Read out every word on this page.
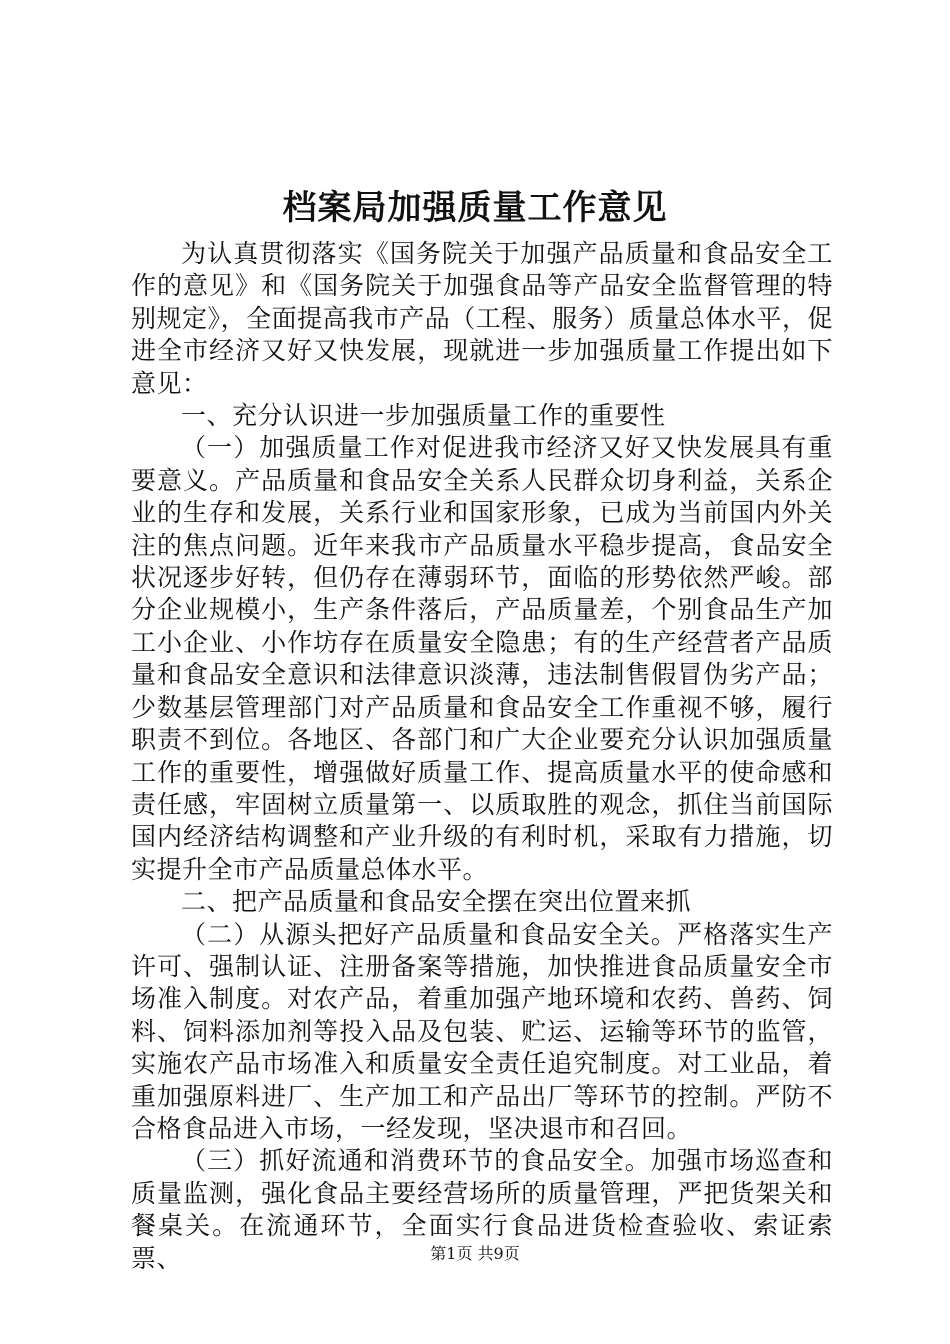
档案局加强质量工作意见

为认真贯彻落实《国务院关于加强产品质量和食品安全工作的意见》和《国务院关于加强食品等产品安全监督管理的特别规定》，全面提高我市产品（工程、服务）质量总体水平，促进全市经济又好又快发展，现就进一步加强质量工作提出如下意见：

一、充分认识进一步加强质量工作的重要性

（一）加强质量工作对促进我市经济又好又快发展具有重要意义。产品质量和食品安全关系人民群众切身利益，关系企业的生存和发展，关系行业和国家形象，已成为当前国内外关注的焦点问题。近年来我市产品质量水平稳步提高，食品安全状况逐步好转，但仍存在薄弱环节，面临的形势依然严峻。部分企业规模小，生产条件落后，产品质量差，个别食品生产加工小企业、小作坊存在质量安全隐患；有的生产经营者产品质量和食品安全意识和法律意识淡薄，违法制售假冒伪劣产品；少数基层管理部门对产品质量和食品安全工作重视不够，履行职责不到位。各地区、各部门和广大企业要充分认识加强质量工作的重要性，增强做好质量工作、提高质量水平的使命感和责任感，牢固树立质量第一、以质取胜的观念，抓住当前国际国内经济结构调整和产业升级的有利时机，采取有力措施，切实提升全市产品质量总体水平。

二、把产品质量和食品安全摆在突出位置来抓

（二）从源头把好产品质量和食品安全关。严格落实生产许可、强制认证、注册备案等措施，加快推进食品质量安全市场准入制度。对农产品，着重加强产地环境和农药、兽药、饲料、饲料添加剂等投入品及包装、贮运、运输等环节的监管，实施农产品市场准入和质量安全责任追究制度。对工业品，着重加强原料进厂、生产加工和产品出厂等环节的控制。严防不合格食品进入市场，一经发现，坚决退市和召回。

（三）抓好流通和消费环节的食品安全。加强市场巡查和质量监测，强化食品主要经营场所的质量管理，严把货架关和餐桌关。在流通环节，全面实行食品进货检查验收、索证索票、	第1页 共9页
